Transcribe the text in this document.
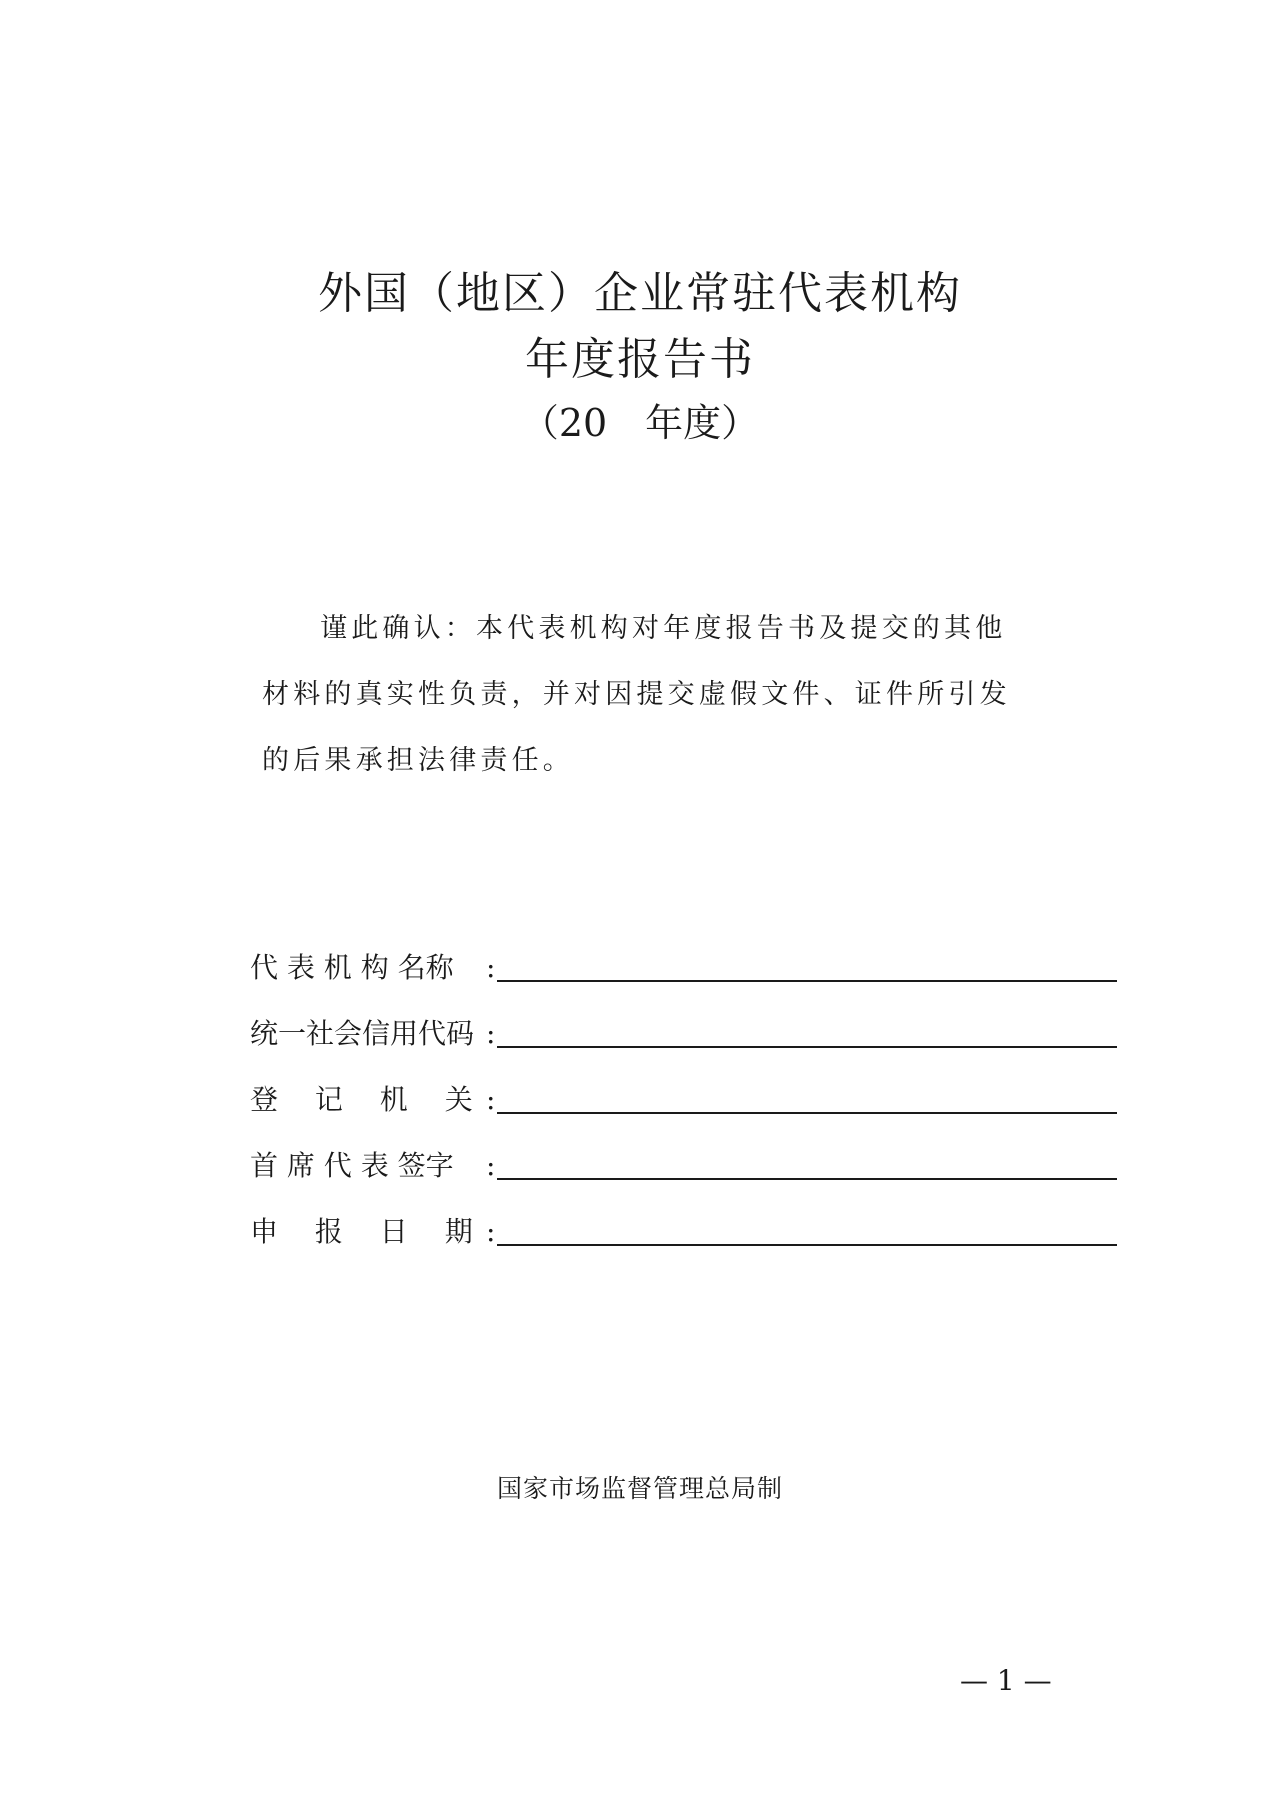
外国（地区）企业常驻代表机构
年度报告书
（20　年度）
谨此确认：本代表机构对年度报告书及提交的其他材料的真实性负责，并对因提交虚假文件、证件所引发的后果承担法律责任。
代 表 机 构 名称	:
统一社会信用代码 :
登　 记 　机　 关 :
首 席 代 表 签字	:
申　 报 　日　 期 :
国家市场监督管理总局制
— 1 —
